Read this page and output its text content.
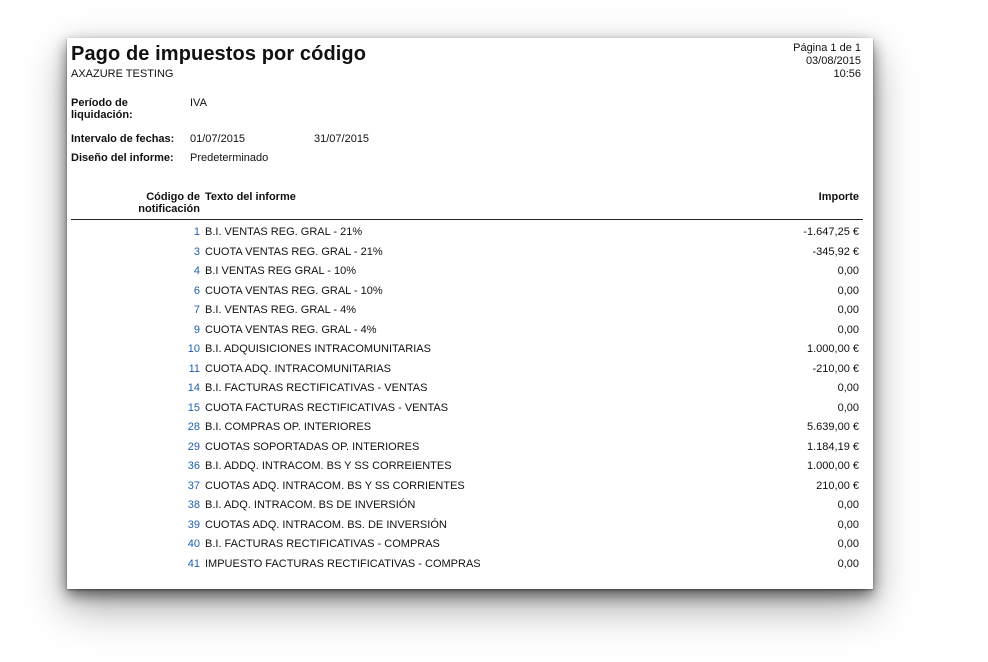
Pago de impuestos por código
AXAZURE TESTING
Página 1 de 1
03/08/2015
10:56
Período de liquidación:
IVA
Intervalo de fechas: 01/07/2015	31/07/2015
Diseño del informe: Predeterminado
Código de notificación
Texto del informe	Importe
1 B.I. VENTAS REG. GRAL - 21%	-1.647,25 €
3 CUOTA VENTAS REG. GRAL - 21%	-345,92 €
4 B.I VENTAS REG GRAL - 10%	0,00
6 CUOTA VENTAS REG. GRAL - 10%	0,00
7 B.I. VENTAS REG. GRAL - 4%	0,00
9 CUOTA VENTAS REG. GRAL - 4%	0,00
10 B.I. ADQUISICIONES INTRACOMUNITARIAS	1.000,00 €
11 CUOTA ADQ. INTRACOMUNITARIAS	-210,00 €
14 B.I. FACTURAS RECTIFICATIVAS - VENTAS	0,00
15 CUOTA FACTURAS RECTIFICATIVAS - VENTAS	0,00
28 B.I. COMPRAS OP. INTERIORES	5.639,00 €
29 CUOTAS SOPORTADAS OP. INTERIORES	1.184,19 €
36 B.I. ADDQ. INTRACOM. BS Y SS CORREIENTES	1.000,00 €
37 CUOTAS ADQ. INTRACOM. BS Y SS CORRIENTES	210,00 €
38 B.I. ADQ. INTRACOM. BS DE INVERSIÓN	0,00
39 CUOTAS ADQ. INTRACOM. BS. DE INVERSIÓN	0,00
40 B.I. FACTURAS RECTIFICATIVAS - COMPRAS	0,00
41 IMPUESTO FACTURAS RECTIFICATIVAS - COMPRAS	0,00
